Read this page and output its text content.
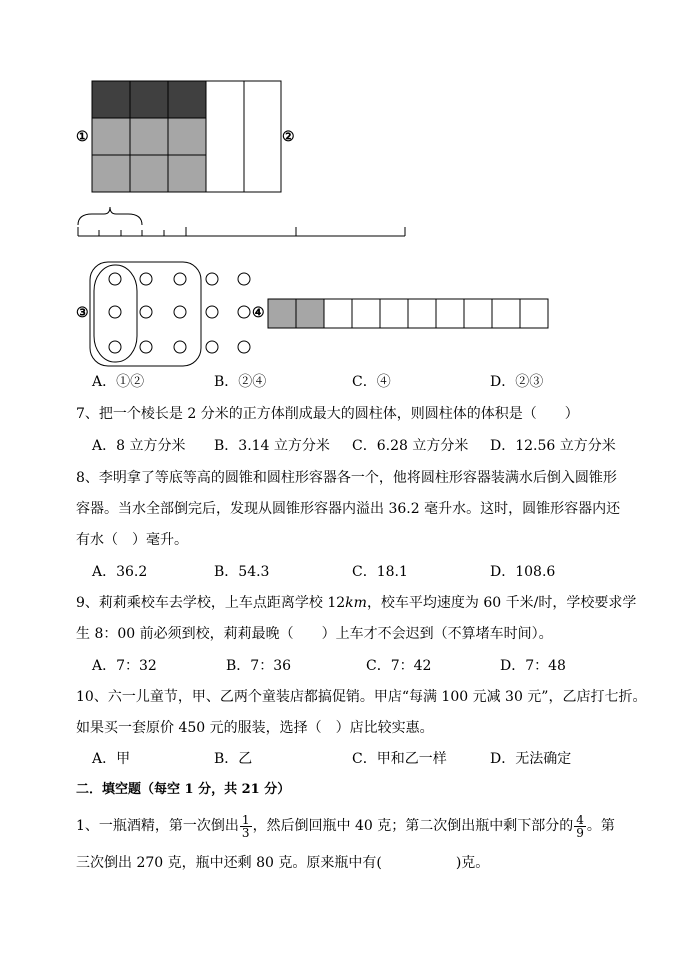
①	②
③	④
A．①②	B．②④	C．④	D．②③
7、把一个棱长是 2 分米的正方体削成最大的圆柱体，则圆柱体的体积是（　　）
A．8 立方分米 B．3.14 立方分米 C．6.28 立方分米 D．12.56 立方分米
8、李明拿了等底等高的圆锥和圆柱形容器各一个，他将圆柱形容器装满水后倒入圆锥形
容器。当水全部倒完后，发现从圆锥形容器内溢出 36.2 毫升水。这时，圆锥形容器内还
有水（　）毫升。
A．36.2	B．54.3	C．18.1	D．108.6
9、莉莉乘校车去学校，上车点距离学校 12km，校车平均速度为 60 千米/时，学校要求学
生 8：00 前必须到校，莉莉最晚（　　）上车才不会迟到（不算堵车时间）。
A．7：32	B．7：36	C．7：42	D．7：48
10、六一儿童节，甲、乙两个童装店都搞促销。甲店“每满 100 元减 30 元”，乙店打七折。
如果买一套原价 450 元的服装，选择（　）店比较实惠。
A．甲	B．乙	C．甲和乙一样	D．无法确定
二．填空题（每空 1 分，共 21 分）
1、一瓶酒精，第一次倒出 $\frac{1}{3}$ ，然后倒回瓶中 40 克；第二次倒出瓶中剩下部分的 $\frac{4}{9}$ 。第
三次倒出 270 克，瓶中还剩 80 克。原来瓶中有(	)克。
